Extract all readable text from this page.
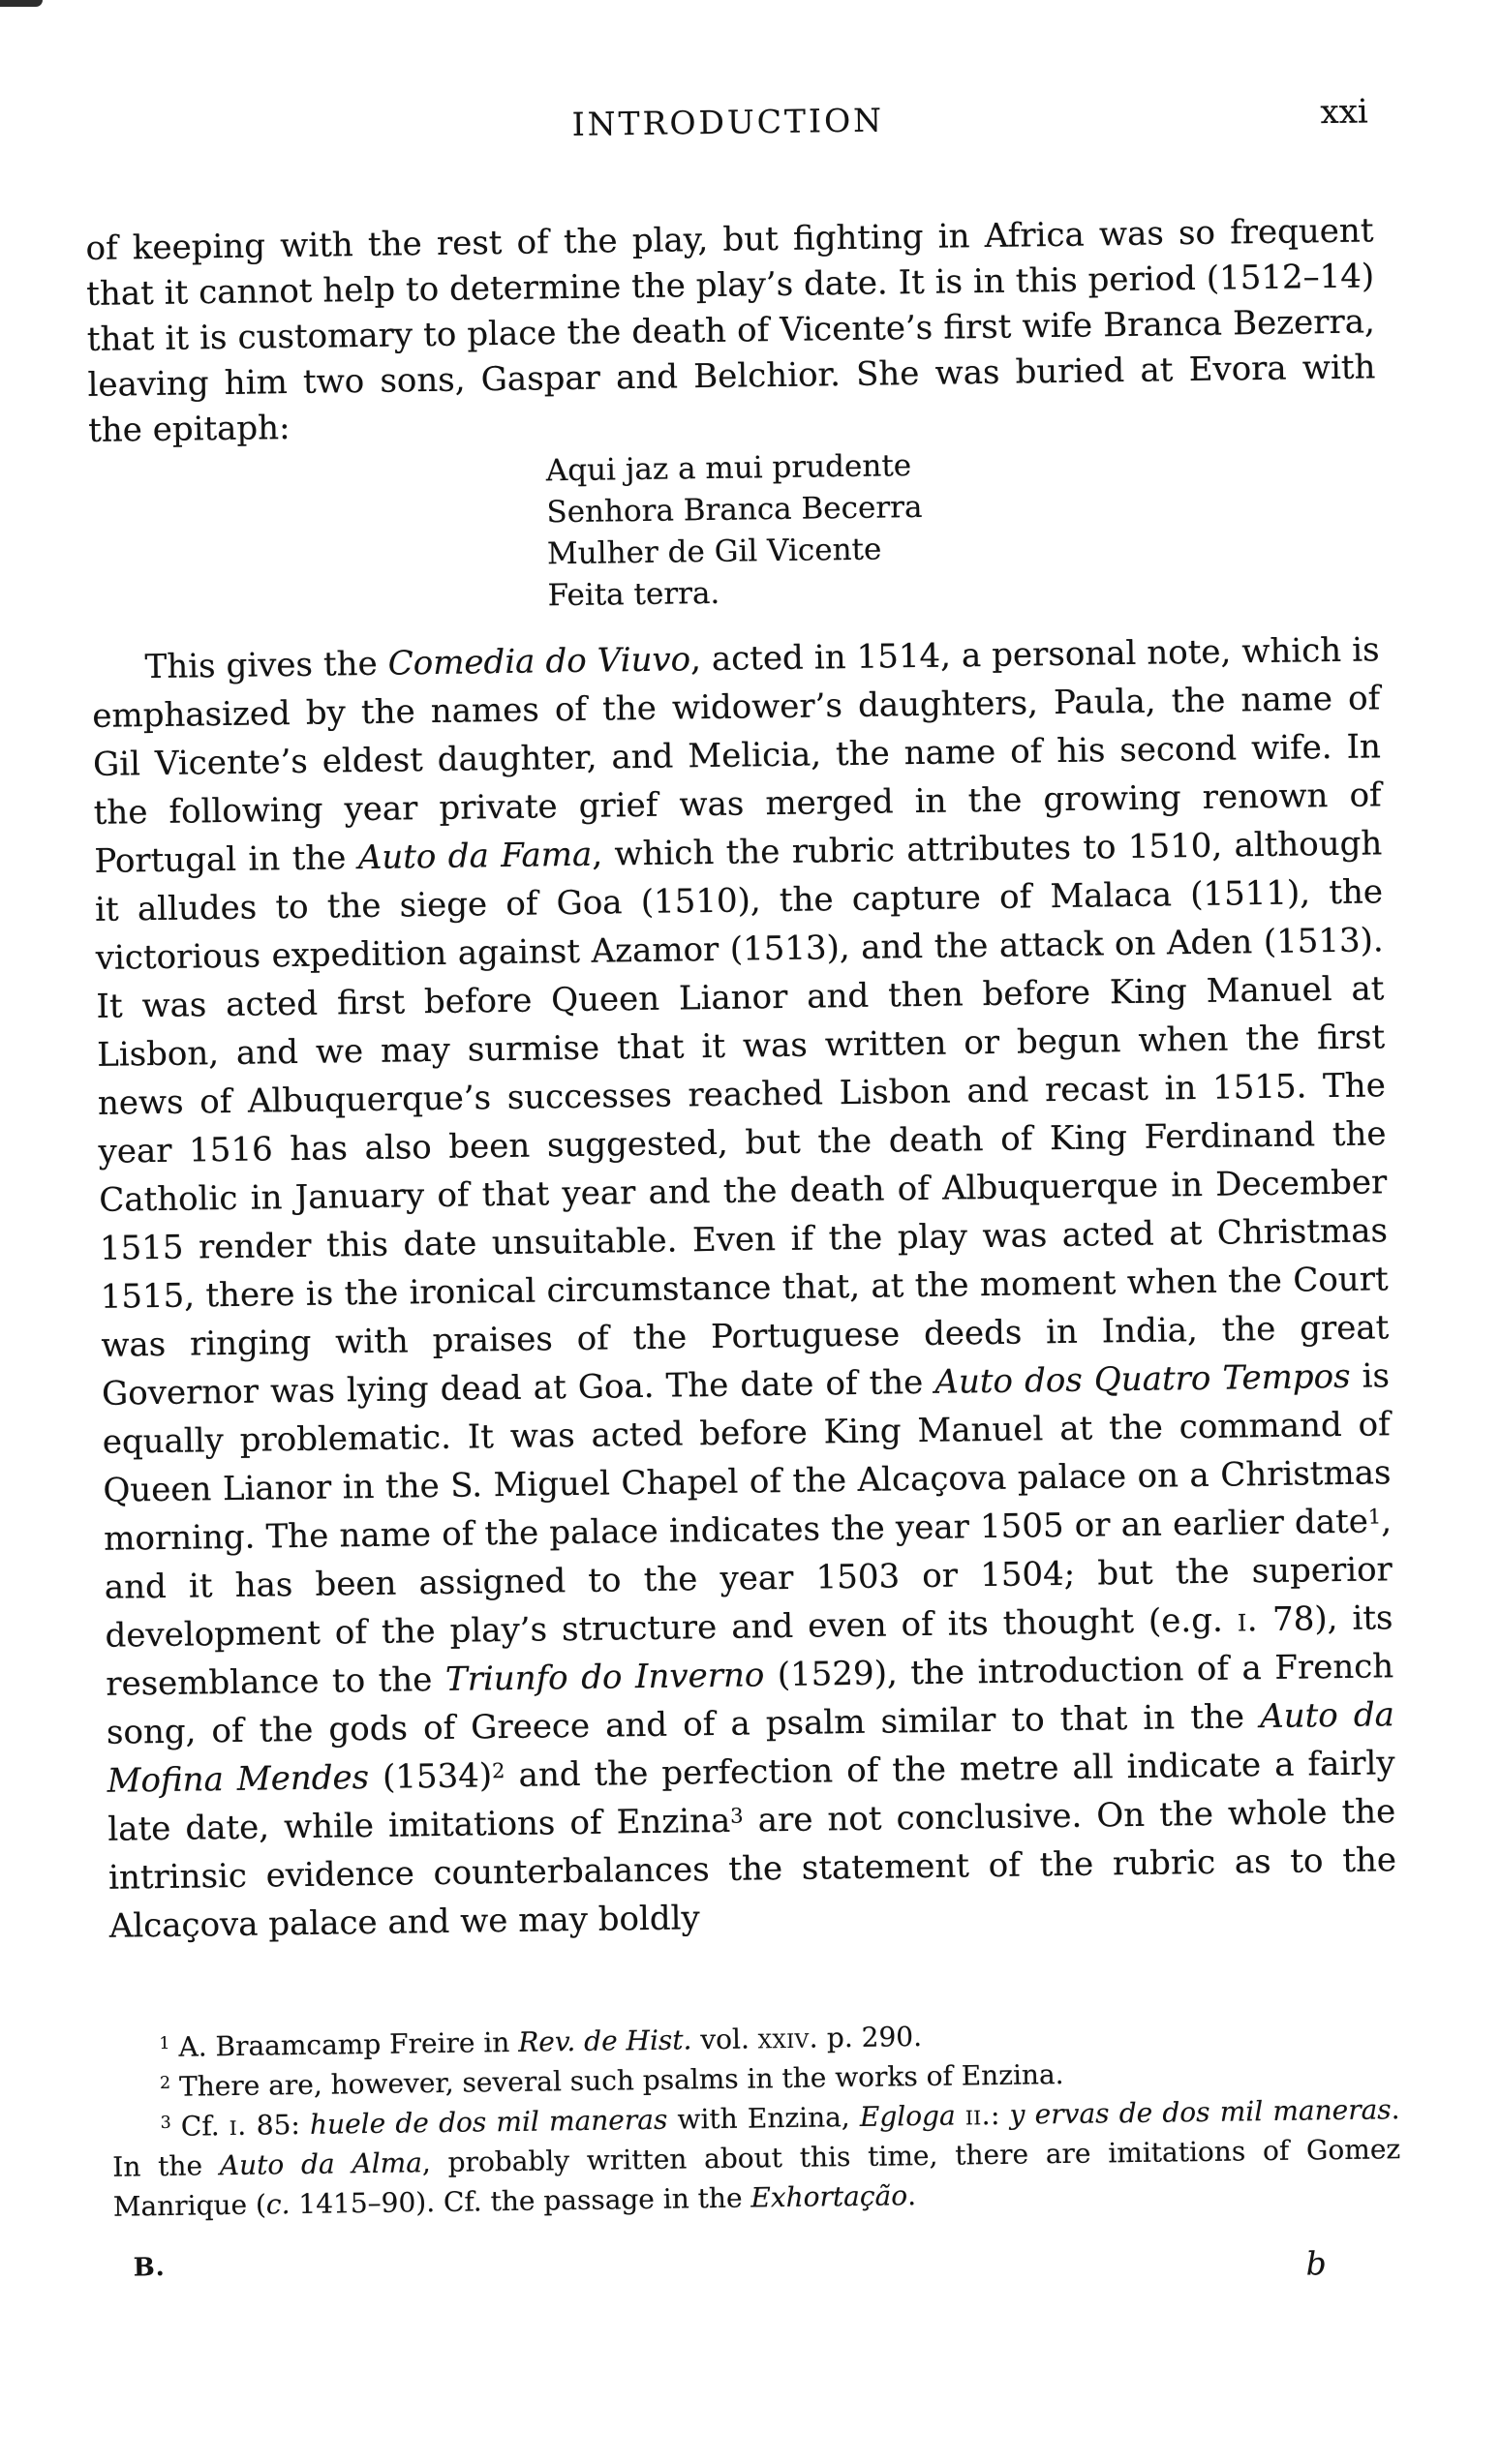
INTRODUCTION	xxi

of keeping with the rest of the play, but fighting in Africa was so frequent that it cannot help to determine the play’s date. It is in this period (1512–14) that it is customary to place the death of Vicente’s first wife Branca Bezerra, leaving him two sons, Gaspar and Belchior. She was buried at Evora with the epitaph:

Aqui jaz a mui prudente
Senhora Branca Becerra
Mulher de Gil Vicente
Feita terra.

This gives the Comedia do Viuvo, acted in 1514, a personal note, which is emphasized by the names of the widower’s daughters, Paula, the name of Gil Vicente’s eldest daughter, and Melicia, the name of his second wife. In the following year private grief was merged in the growing renown of Portugal in the Auto da Fama, which the rubric attributes to 1510, although it alludes to the siege of Goa (1510), the capture of Malaca (1511), the victorious expedition against Azamor (1513), and the attack on Aden (1513). It was acted first before Queen Lianor and then before King Manuel at Lisbon, and we may surmise that it was written or begun when the first news of Albuquerque’s successes reached Lisbon and recast in 1515. The year 1516 has also been suggested, but the death of King Ferdinand the Catholic in January of that year and the death of Albuquerque in December 1515 render this date unsuitable. Even if the play was acted at Christmas 1515, there is the ironical circumstance that, at the moment when the Court was ringing with praises of the Portuguese deeds in India, the great Governor was lying dead at Goa. The date of the Auto dos Quatro Tempos is equally problematic. It was acted before King Manuel at the command of Queen Lianor in the S. Miguel Chapel of the Alcaçova palace on a Christmas morning. The name of the palace indicates the year 1505 or an earlier date$^1$, and it has been assigned to the year 1503 or 1504; but the superior development of the play’s structure and even of its thought (e.g. i. 78), its resemblance to the Triunfo do Inverno (1529), the introduction of a French song, of the gods of Greece and of a psalm similar to that in the Auto da Mofina Mendes $(1534)^2$ and the perfection of the metre all indicate a fairly late date, while imitations of Enzina$^3$ are not conclusive. On the whole the intrinsic evidence counterbalances the statement of the rubric as to the Alcaçova palace and we may boldly

$^1$ A. Braamcamp Freire in Rev. de Hist. vol. xxiv. p. 290.

$^2$ There are, however, several such psalms in the works of Enzina.

$^3$ Cf. i. 85: huele de dos mil maneras with Enzina, Egloga ii.: y ervas de dos mil maneras. In the Auto da Alma, probably written about this time, there are imitations of Gomez Manrique (c. 1415–90). Cf. the passage in the Exhortação.

B.	b
